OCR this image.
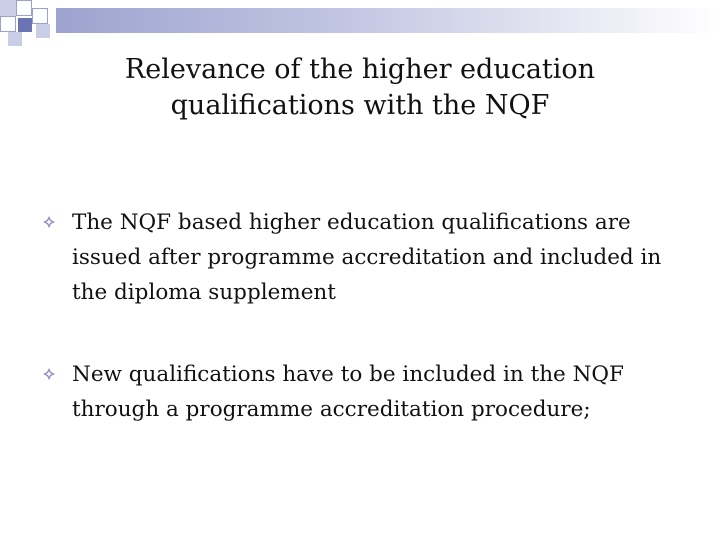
Relevance of the higher education
qualifications with the NQF
The NQF based higher education qualifications are issued after programme accreditation and included in the diploma supplement
New qualifications have to be included in the NQF through a programme accreditation procedure;
